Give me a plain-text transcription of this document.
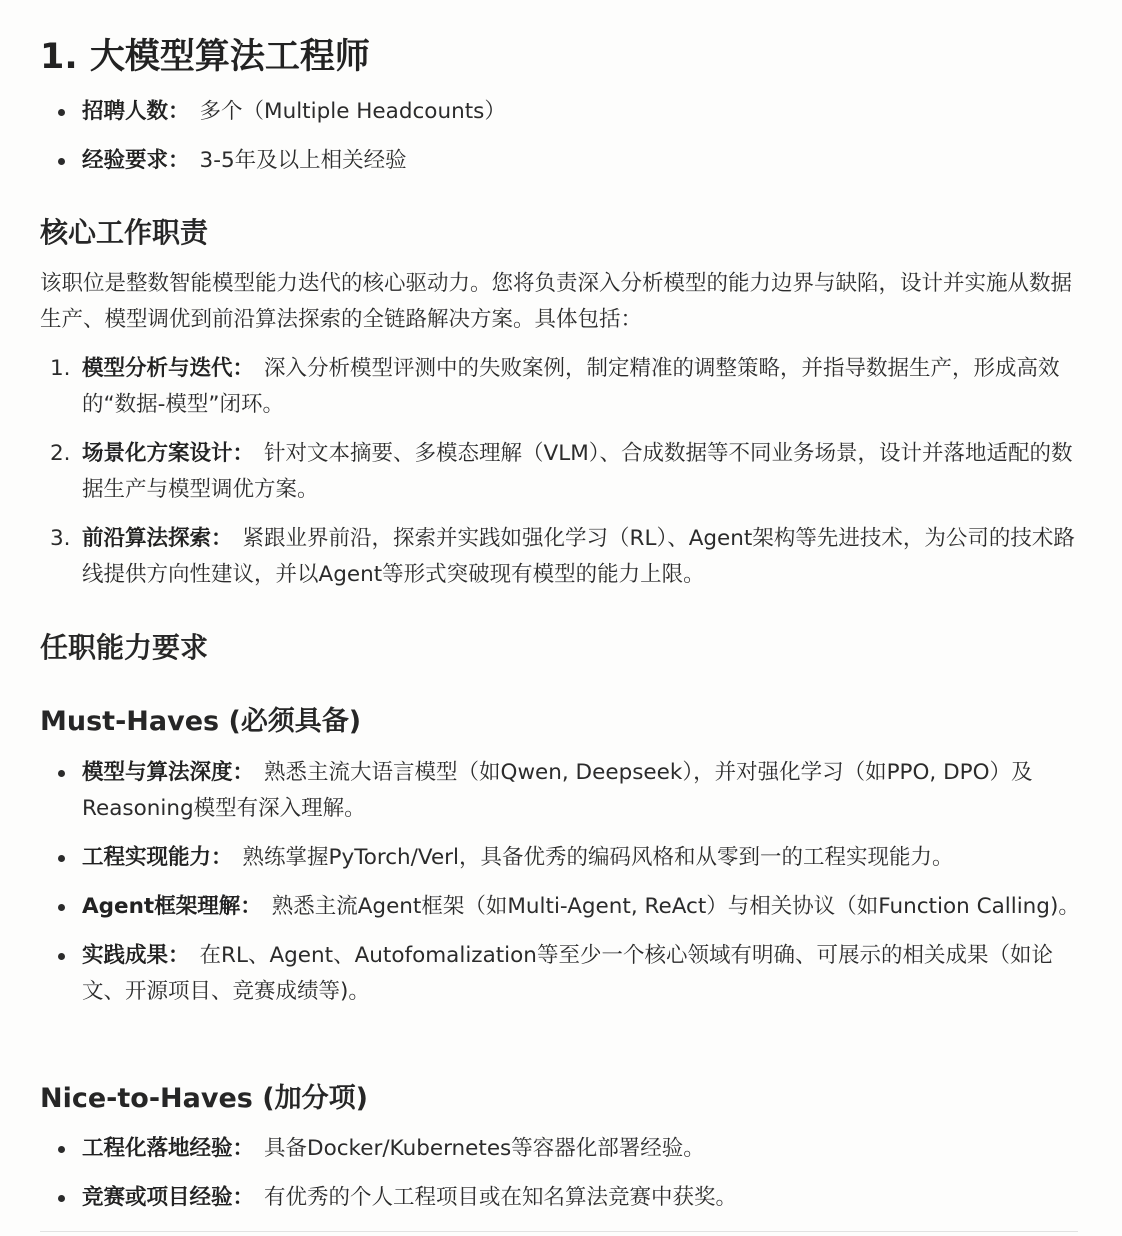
1. 大模型算法工程师
招聘人数： 多个（Multiple Headcounts）
经验要求： 3-5年及以上相关经验
核心工作职责

该职位是整数智能模型能力迭代的核心驱动力。您将负责深入分析模型的能力边界与缺陷，设计并实施从数据生产、模型调优到前沿算法探索的全链路解决方案。具体包括：

1. 模型分析与迭代： 深入分析模型评测中的失败案例，制定精准的调整策略，并指导数据生产，形成高效的“数据-模型”闭环。
2. 场景化方案设计： 针对文本摘要、多模态理解（VLM）、合成数据等不同业务场景，设计并落地适配的数据生产与模型调优方案。
3. 前沿算法探索： 紧跟业界前沿，探索并实践如强化学习（RL）、Agent架构等先进技术，为公司的技术路线提供方向性建议，并以Agent等形式突破现有模型的能力上限。
任职能力要求
Must-Haves (必须具备)
模型与算法深度： 熟悉主流大语言模型（如Qwen, Deepseek），并对强化学习（如PPO, DPO）及Reasoning模型有深入理解。
工程实现能力： 熟练掌握PyTorch/Verl，具备优秀的编码风格和从零到一的工程实现能力。
Agent框架理解： 熟悉主流Agent框架（如Multi-Agent, ReAct）与相关协议（如Function Calling)。
实践成果： 在RL、Agent、Autofomalization等至少一个核心领域有明确、可展示的相关成果（如论文、开源项目、竞赛成绩等)。
Nice-to-Haves (加分项)
工程化落地经验： 具备Docker/Kubernetes等容器化部署经验。
竞赛或项目经验： 有优秀的个人工程项目或在知名算法竞赛中获奖。
